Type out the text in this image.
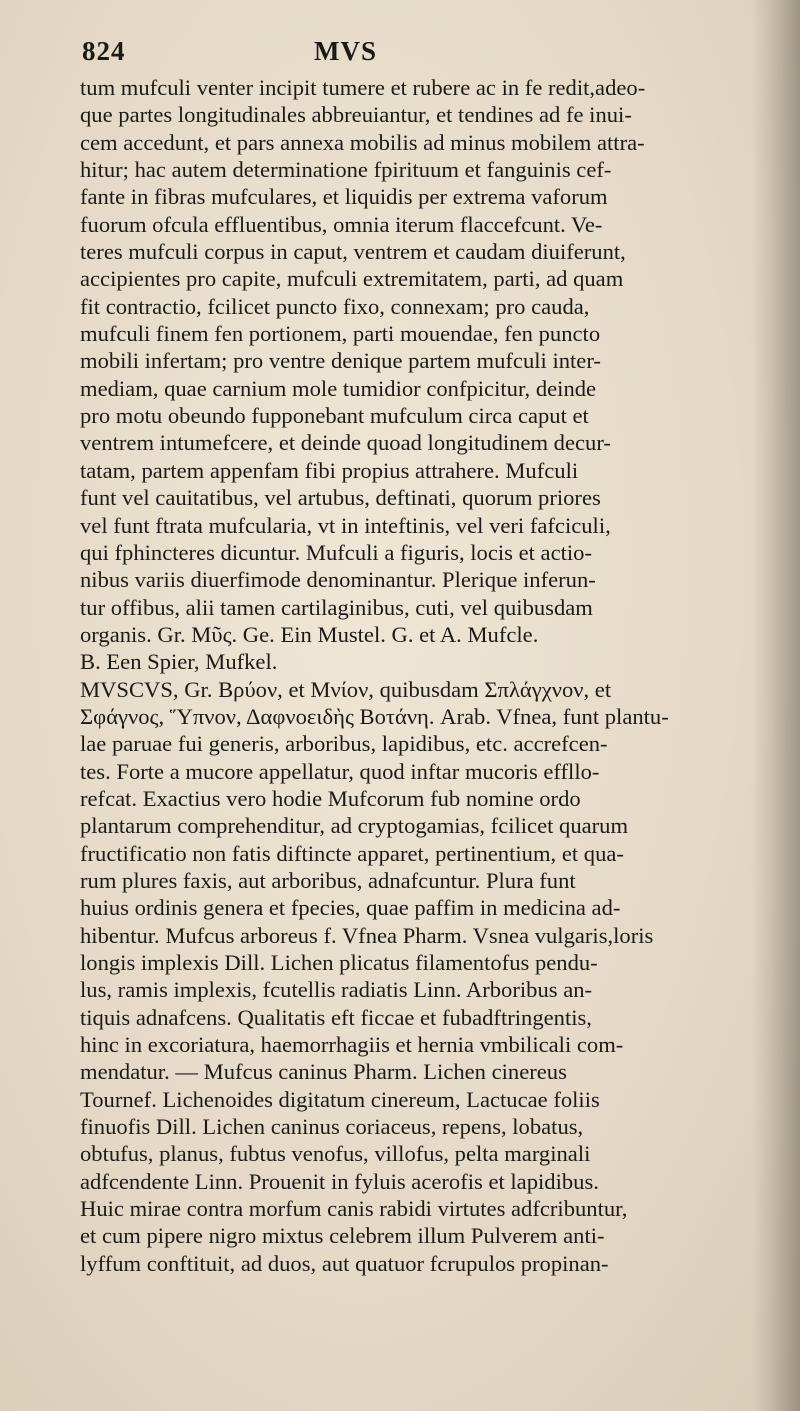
824	MVS
tum mufculi venter incipit tumere et rubere ac in fe redit,adeo-
que partes longitudinales abbreuiantur, et tendines ad fe inui-
cem accedunt, et pars annexa mobilis ad minus mobilem attra-
hitur; hac autem determinatione fpirituum et fanguinis cef-
fante in fibras mufculares, et liquidis per extrema vaforum
fuorum ofcula effluentibus, omnia iterum flaccefcunt. Ve-
teres mufculi corpus in caput, ventrem et caudam diuiferunt,
accipientes pro capite, mufculi extremitatem, parti, ad quam
fit contractio, fcilicet puncto fixo, connexam; pro cauda,
mufculi finem fen portionem, parti mouendae, fen puncto
mobili infertam; pro ventre denique partem mufculi inter-
mediam, quae carnium mole tumidior confpicitur, deinde
pro motu obeundo fupponebant mufculum circa caput et
ventrem intumefcere, et deinde quoad longitudinem decur-
tatam, partem appenfam fibi propius attrahere. Mufculi
funt vel cauitatibus, vel artubus, deftinati, quorum priores
vel funt ftrata mufcularia, vt in inteftinis, vel veri fafciculi,
qui fphincteres dicuntur. Mufculi a figuris, locis et actio-
nibus variis diuerfimode denominantur. Plerique inferun-
tur offibus, alii tamen cartilaginibus, cuti, vel quibusdam
organis. Gr. Μῦς. Ge. Ein Mustel. G. et A. Mufcle.
B. Een Spier, Mufkel.
MVSCVS, Gr. Βρύον, et Μνίον, quibusdam Σπλάγχνον, et
Σφάγνος, Ὕπνον, Δαφνοειδὴς Βοτάνη. Arab. Vfnea, funt plantu-
lae paruae fui generis, arboribus, lapidibus, etc. accrefcen-
tes. Forte a mucore appellatur, quod inftar mucoris effllo-
refcat. Exactius vero hodie Mufcorum fub nomine ordo
plantarum comprehenditur, ad cryptogamias, fcilicet quarum
fructificatio non fatis diftincte apparet, pertinentium, et qua-
rum plures faxis, aut arboribus, adnafcuntur. Plura funt
huius ordinis genera et fpecies, quae paffim in medicina ad-
hibentur. Mufcus arboreus f. Vfnea Pharm. Vsnea vulgaris,loris
longis implexis Dill. Lichen plicatus filamentofus pendu-
lus, ramis implexis, fcutellis radiatis Linn. Arboribus an-
tiquis adnafcens. Qualitatis eft ficcae et fubadftringentis,
hinc in excoriatura, haemorrhagiis et hernia vmbilicali com-
mendatur. — Mufcus caninus Pharm. Lichen cinereus
Tournef. Lichenoides digitatum cinereum, Lactucae foliis
finuofis Dill. Lichen caninus coriaceus, repens, lobatus,
obtufus, planus, fubtus venofus, villofus, pelta marginali
adfcendente Linn. Prouenit in fyluis acerofis et lapidibus.
Huic mirae contra morfum canis rabidi virtutes adfcribuntur,
et cum pipere nigro mixtus celebrem illum Pulverem anti-
lyffum conftituit, ad duos, aut quatuor fcrupulos propinan-
